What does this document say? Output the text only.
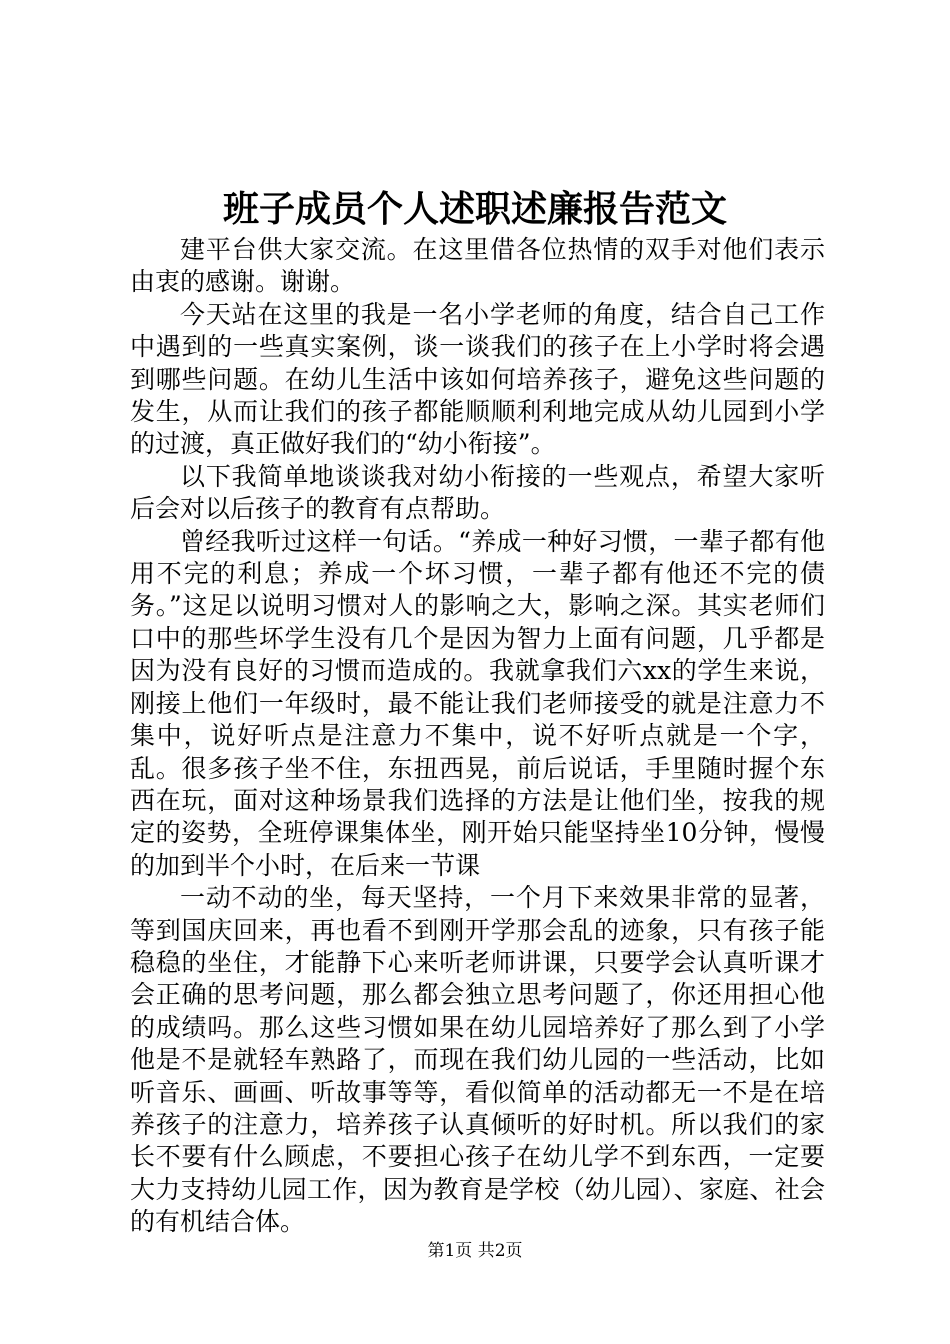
班子成员个人述职述廉报告范文

建平台供大家交流。在这里借各位热情的双手对他们表示由衷的感谢。谢谢。

今天站在这里的我是一名小学老师的角度，结合自己工作中遇到的一些真实案例，谈一谈我们的孩子在上小学时将会遇到哪些问题。在幼儿生活中该如何培养孩子，避免这些问题的发生，从而让我们的孩子都能顺顺利利地完成从幼儿园到小学的过渡，真正做好我们的“幼小衔接”。

以下我简单地谈谈我对幼小衔接的一些观点，希望大家听后会对以后孩子的教育有点帮助。

曾经我听过这样一句话。“养成一种好习惯，一辈子都有他用不完的利息；养成一个坏习惯，一辈子都有他还不完的债务。”这足以说明习惯对人的影响之大，影响之深。其实老师们口中的那些坏学生没有几个是因为智力上面有问题，几乎都是因为没有良好的习惯而造成的。我就拿我们六xx的学生来说，刚接上他们一年级时，最不能让我们老师接受的就是注意力不集中，说好听点是注意力不集中，说不好听点就是一个字，乱。很多孩子坐不住，东扭西晃，前后说话，手里随时握个东西在玩，面对这种场景我们选择的方法是让他们坐，按我的规定的姿势，全班停课集体坐，刚开始只能坚持坐10分钟，慢慢的加到半个小时，在后来一节课

一动不动的坐，每天坚持，一个月下来效果非常的显著，等到国庆回来，再也看不到刚开学那会乱的迹象，只有孩子能稳稳的坐住，才能静下心来听老师讲课，只要学会认真听课才会正确的思考问题，那么都会独立思考问题了，你还用担心他的成绩吗。那么这些习惯如果在幼儿园培养好了那么到了小学他是不是就轻车熟路了，而现在我们幼儿园的一些活动，比如听音乐、画画、听故事等等，看似简单的活动都无一不是在培养孩子的注意力，培养孩子认真倾听的好时机。所以我们的家长不要有什么顾虑，不要担心孩子在幼儿学不到东西，一定要大力支持幼儿园工作，因为教育是学校（幼儿园）、家庭、社会的有机结合体。

第1页 共2页
